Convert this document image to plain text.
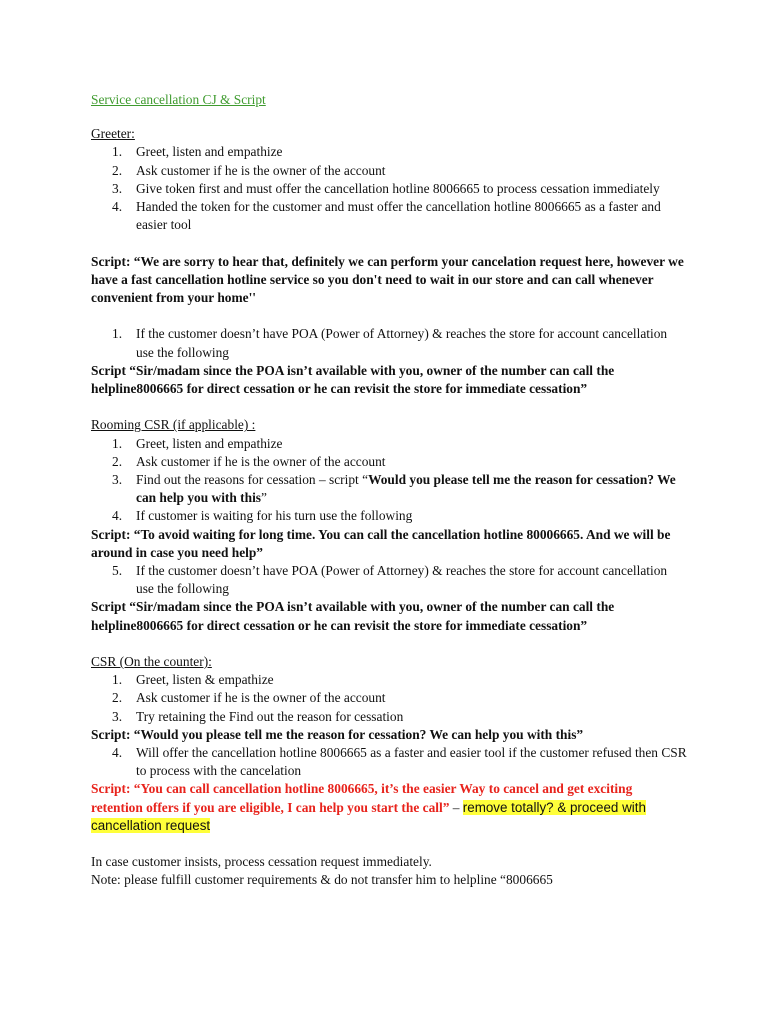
Service cancellation CJ & Script

Greeter:

1. Greet, listen and empathize
2. Ask customer if he is the owner of the account
3. Give token first and must offer the cancellation hotline 8006665 to process cessation immediately
4. Handed the token for the customer and must offer the cancellation hotline 8006665 as a faster and easier tool

Script: “We are sorry to hear that, definitely we can perform your cancelation request here, however we have a fast cancellation hotline service so you don't need to wait in our store and can call whenever convenient from your home''

1. If the customer doesn’t have POA (Power of Attorney) & reaches the store for account cancellation use the following

Script “Sir/madam since the POA isn’t available with you, owner of the number can call the helpline8006665 for direct cessation or he can revisit the store for immediate cessation”

Rooming CSR (if applicable) :

1. Greet, listen and empathize
2. Ask customer if he is the owner of the account
3. Find out the reasons for cessation – script “Would you please tell me the reason for cessation? We can help you with this”
4. If customer is waiting for his turn use the following

Script: “To avoid waiting for long time. You can call the cancellation hotline 80006665. And we will be around in case you need help”

5. If the customer doesn’t have POA (Power of Attorney) & reaches the store for account cancellation use the following

Script “Sir/madam since the POA isn’t available with you, owner of the number can call the helpline8006665 for direct cessation or he can revisit the store for immediate cessation”

CSR (On the counter):

1. Greet, listen & empathize
2. Ask customer if he is the owner of the account
3. Try retaining the Find out the reason for cessation

Script: “Would you please tell me the reason for cessation? We can help you with this”

4. Will offer the cancellation hotline 8006665 as a faster and easier tool if the customer refused then CSR to process with the cancelation

Script: “You can call cancellation hotline 8006665, it’s the easier Way to cancel and get exciting retention offers if you are eligible, I can help you start the call” – remove totally? & proceed with cancellation request

In case customer insists, process cessation request immediately.

Note: please fulfill customer requirements & do not transfer him to helpline “8006665
